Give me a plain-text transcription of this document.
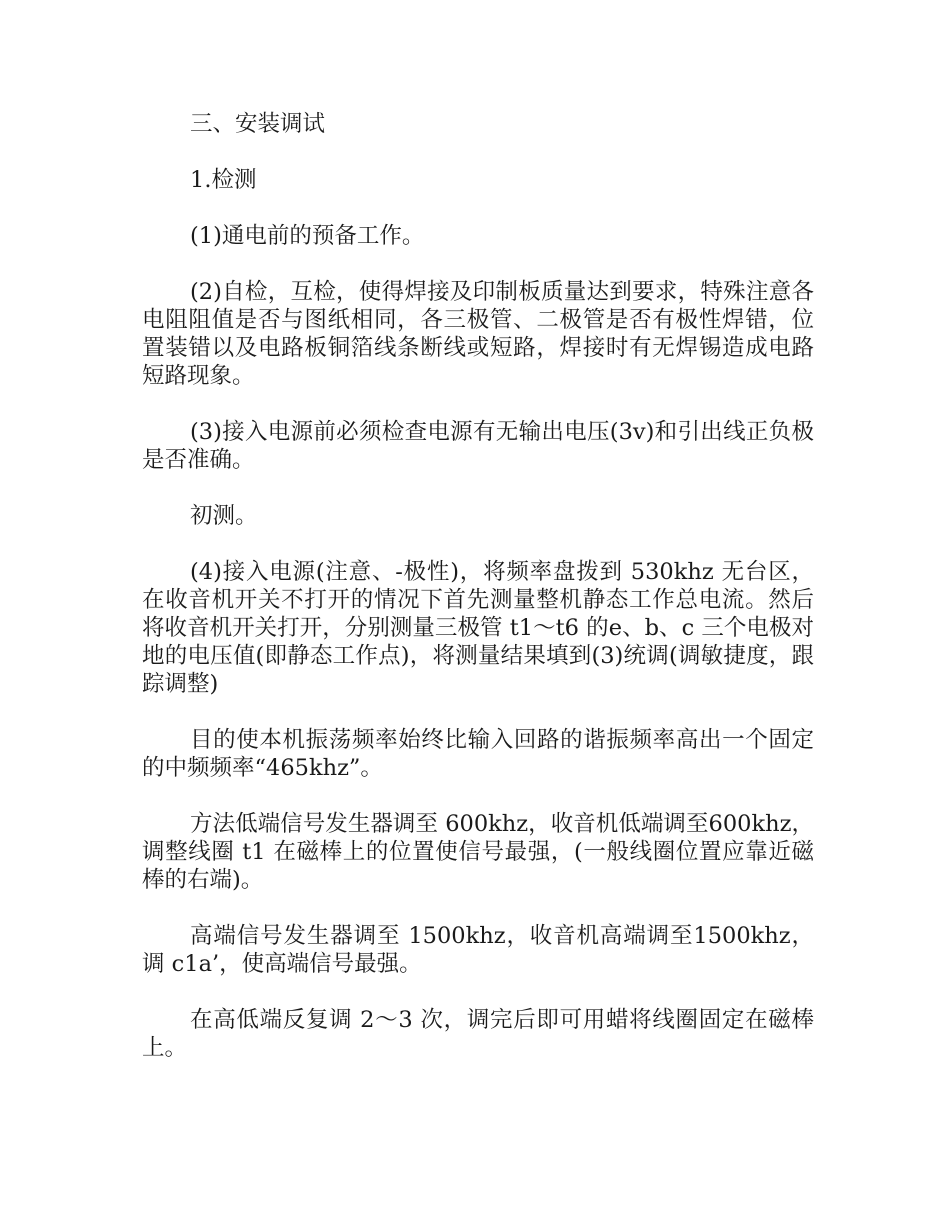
三、安装调试

1.检测

(1)通电前的预备工作。

(2)自检，互检，使得焊接及印制板质量达到要求，特殊注意各电阻阻值是否与图纸相同，各三极管、二极管是否有极性焊错，位置装错以及电路板铜箔线条断线或短路，焊接时有无焊锡造成电路短路现象。

(3)接入电源前必须检查电源有无输出电压(3v)和引出线正负极是否准确。

初测。

(4)接入电源(注意、-极性)，将频率盘拨到 530khz 无台区，在收音机开关不打开的情况下首先测量整机静态工作总电流。然后将收音机开关打开，分别测量三极管 t1～t6 的e、b、c 三个电极对地的电压值(即静态工作点)，将测量结果填到(3)统调(调敏捷度，跟踪调整)

目的使本机振荡频率始终比输入回路的谐振频率高出一个固定的中频频率“465khz”。

方法低端信号发生器调至 600khz，收音机低端调至600khz，调整线圈 t1 在磁棒上的位置使信号最强，(一般线圈位置应靠近磁棒的右端)。

高端信号发生器调至 1500khz，收音机高端调至1500khz，调 c1a’，使高端信号最强。

在高低端反复调 2～3 次，调完后即可用蜡将线圈固定在磁棒上。
